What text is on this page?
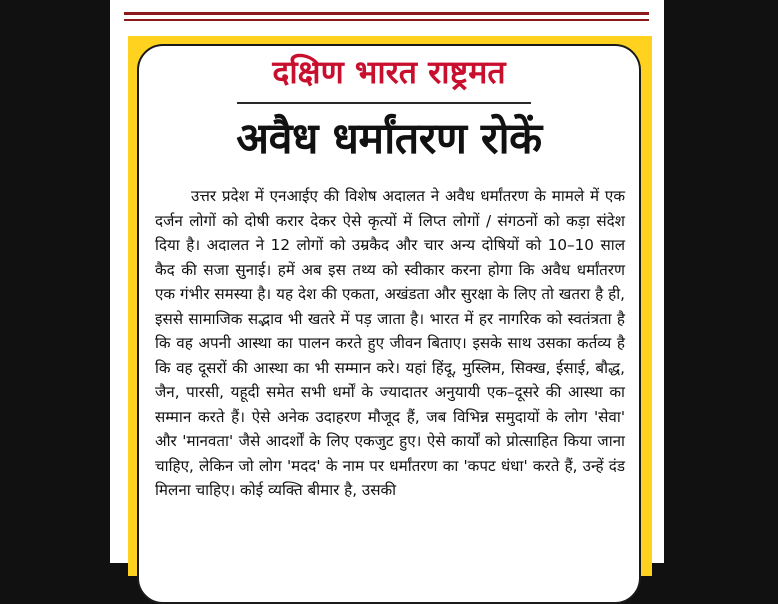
दक्षिण भारत राष्ट्रमत
अवैध धर्मांतरण रोकें

उत्तर प्रदेश में एनआईए की विशेष अदालत ने अवैध धर्मांतरण के मामले में एक दर्जन लोगों को दोषी करार देकर ऐसे कृत्यों में लिप्त लोगों / संगठनों को कड़ा संदेश दिया है। अदालत ने 12 लोगों को उम्रकैद और चार अन्य दोषियों को 10–10 साल कैद की सजा सुनाई। हमें अब इस तथ्य को स्वीकार करना होगा कि अवैध धर्मांतरण एक गंभीर समस्या है। यह देश की एकता, अखंडता और सुरक्षा के लिए तो खतरा है ही, इससे सामाजिक सद्भाव भी खतरे में पड़ जाता है। भारत में हर नागरिक को स्वतंत्रता है कि वह अपनी आस्था का पालन करते हुए जीवन बिताए। इसके साथ उसका कर्तव्य है कि वह दूसरों की आस्था का भी सम्मान करे। यहां हिंदू, मुस्लिम, सिक्ख, ईसाई, बौद्ध, जैन, पारसी, यहूदी समेत सभी धर्मों के ज्यादातर अनुयायी एक–दूसरे की आस्था का सम्मान करते हैं। ऐसे अनेक उदाहरण मौजूद हैं, जब विभिन्न समुदायों के लोग 'सेवा' और 'मानवता' जैसे आदर्शों के लिए एकजुट हुए। ऐसे कार्यों को प्रोत्साहित किया जाना चाहिए, लेकिन जो लोग 'मदद' के नाम पर धर्मांतरण का 'कपट धंधा' करते हैं, उन्हें दंड मिलना चाहिए। कोई व्यक्ति बीमार है, उसकी
